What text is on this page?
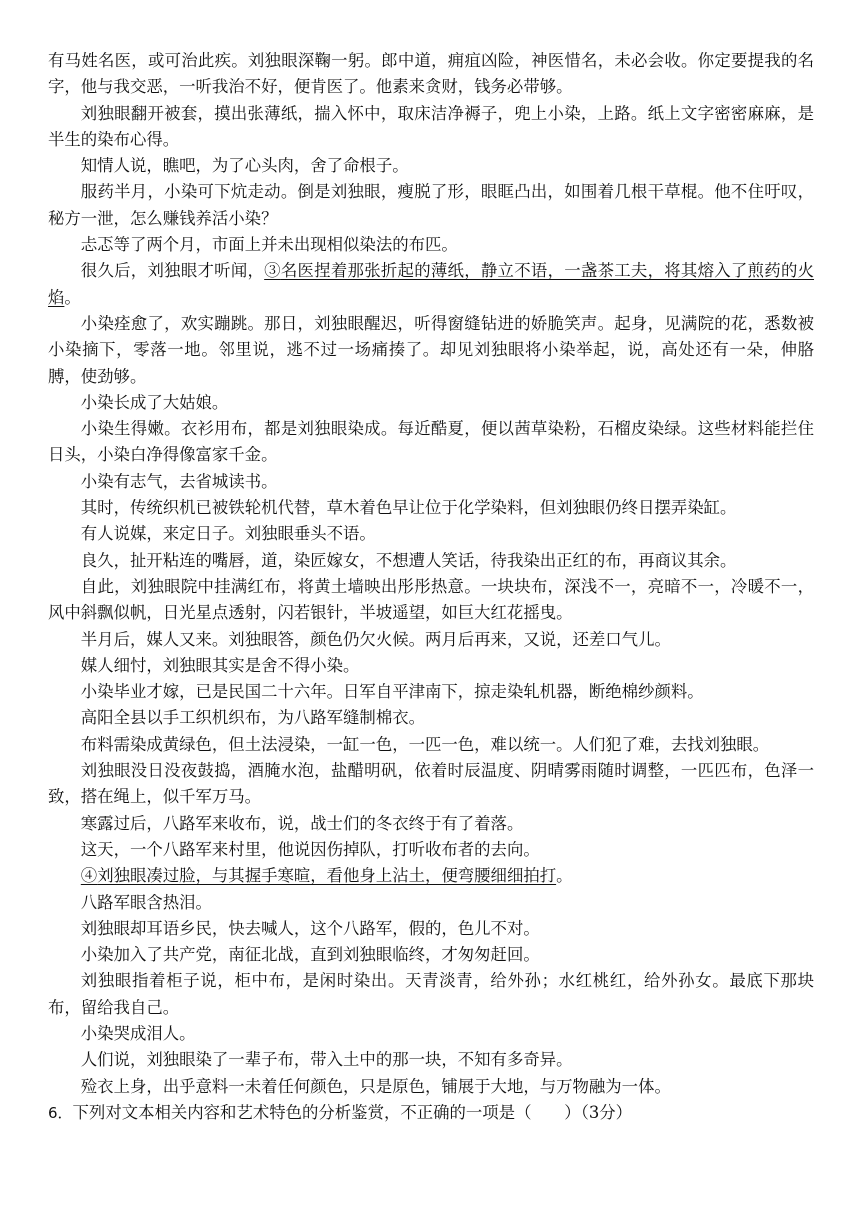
有马姓名医，或可治此疾。刘独眼深鞠一躬。郎中道，痈疽凶险，神医惜名，未必会收。你定要提我的名字，他与我交恶，一听我治不好，便肯医了。他素来贪财，钱务必带够。

刘独眼翻开被套，摸出张薄纸，揣入怀中，取床洁净褥子，兜上小染，上路。纸上文字密密麻麻，是半生的染布心得。

知情人说，瞧吧，为了心头肉，舍了命根子。

服药半月，小染可下炕走动。倒是刘独眼，瘦脱了形，眼眶凸出，如围着几根干草棍。他不住吁叹，秘方一泄，怎么赚钱养活小染？

忐忑等了两个月，市面上并未出现相似染法的布匹。

很久后，刘独眼才听闻，③名医捏着那张折起的薄纸，静立不语，一盏茶工夫，将其熔入了煎药的火焰。

小染痊愈了，欢实蹦跳。那日，刘独眼醒迟，听得窗缝钻进的娇脆笑声。起身，见满院的花，悉数被小染摘下，零落一地。邻里说，逃不过一场痛揍了。却见刘独眼将小染举起，说，高处还有一朵，伸胳膊，使劲够。

小染长成了大姑娘。

小染生得嫩。衣衫用布，都是刘独眼染成。每近酷夏，便以茜草染粉，石榴皮染绿。这些材料能拦住日头，小染白净得像富家千金。

小染有志气，去省城读书。

其时，传统织机已被铁轮机代替，草木着色早让位于化学染料，但刘独眼仍终日摆弄染缸。

有人说媒，来定日子。刘独眼垂头不语。

良久，扯开粘连的嘴唇，道，染匠嫁女，不想遭人笑话，待我染出正红的布，再商议其余。

自此，刘独眼院中挂满红布，将黄土墙映出彤彤热意。一块块布，深浅不一，亮暗不一，冷暖不一，风中斜飘似帆，日光星点透射，闪若银针，半坡遥望，如巨大红花摇曳。

半月后，媒人又来。刘独眼答，颜色仍欠火候。两月后再来，又说，还差口气儿。

媒人细忖，刘独眼其实是舍不得小染。

小染毕业才嫁，已是民国二十六年。日军自平津南下，掠走染轧机器，断绝棉纱颜料。

高阳全县以手工织机织布，为八路军缝制棉衣。

布料需染成黄绿色，但土法浸染，一缸一色，一匹一色，难以统一。人们犯了难，去找刘独眼。

刘独眼没日没夜鼓捣，酒腌水泡，盐醋明矾，依着时辰温度、阴晴雾雨随时调整，一匹匹布，色泽一致，搭在绳上，似千军万马。

寒露过后，八路军来收布，说，战士们的冬衣终于有了着落。

这天，一个八路军来村里，他说因伤掉队，打听收布者的去向。

④刘独眼凑过脸，与其握手寒暄，看他身上沾土，便弯腰细细拍打。

八路军眼含热泪。

刘独眼却耳语乡民，快去喊人，这个八路军，假的，色儿不对。

小染加入了共产党，南征北战，直到刘独眼临终，才匆匆赶回。

刘独眼指着柜子说，柜中布，是闲时染出。天青淡青，给外孙；水红桃红，给外孙女。最底下那块布，留给我自己。

小染哭成泪人。

人们说，刘独眼染了一辈子布，带入土中的那一块，不知有多奇异。

殓衣上身，出乎意料一未着任何颜色，只是原色，铺展于大地，与万物融为一体。

6．下列对文本相关内容和艺术特色的分析鉴赏，不正确的一项是（　　）（3分）
